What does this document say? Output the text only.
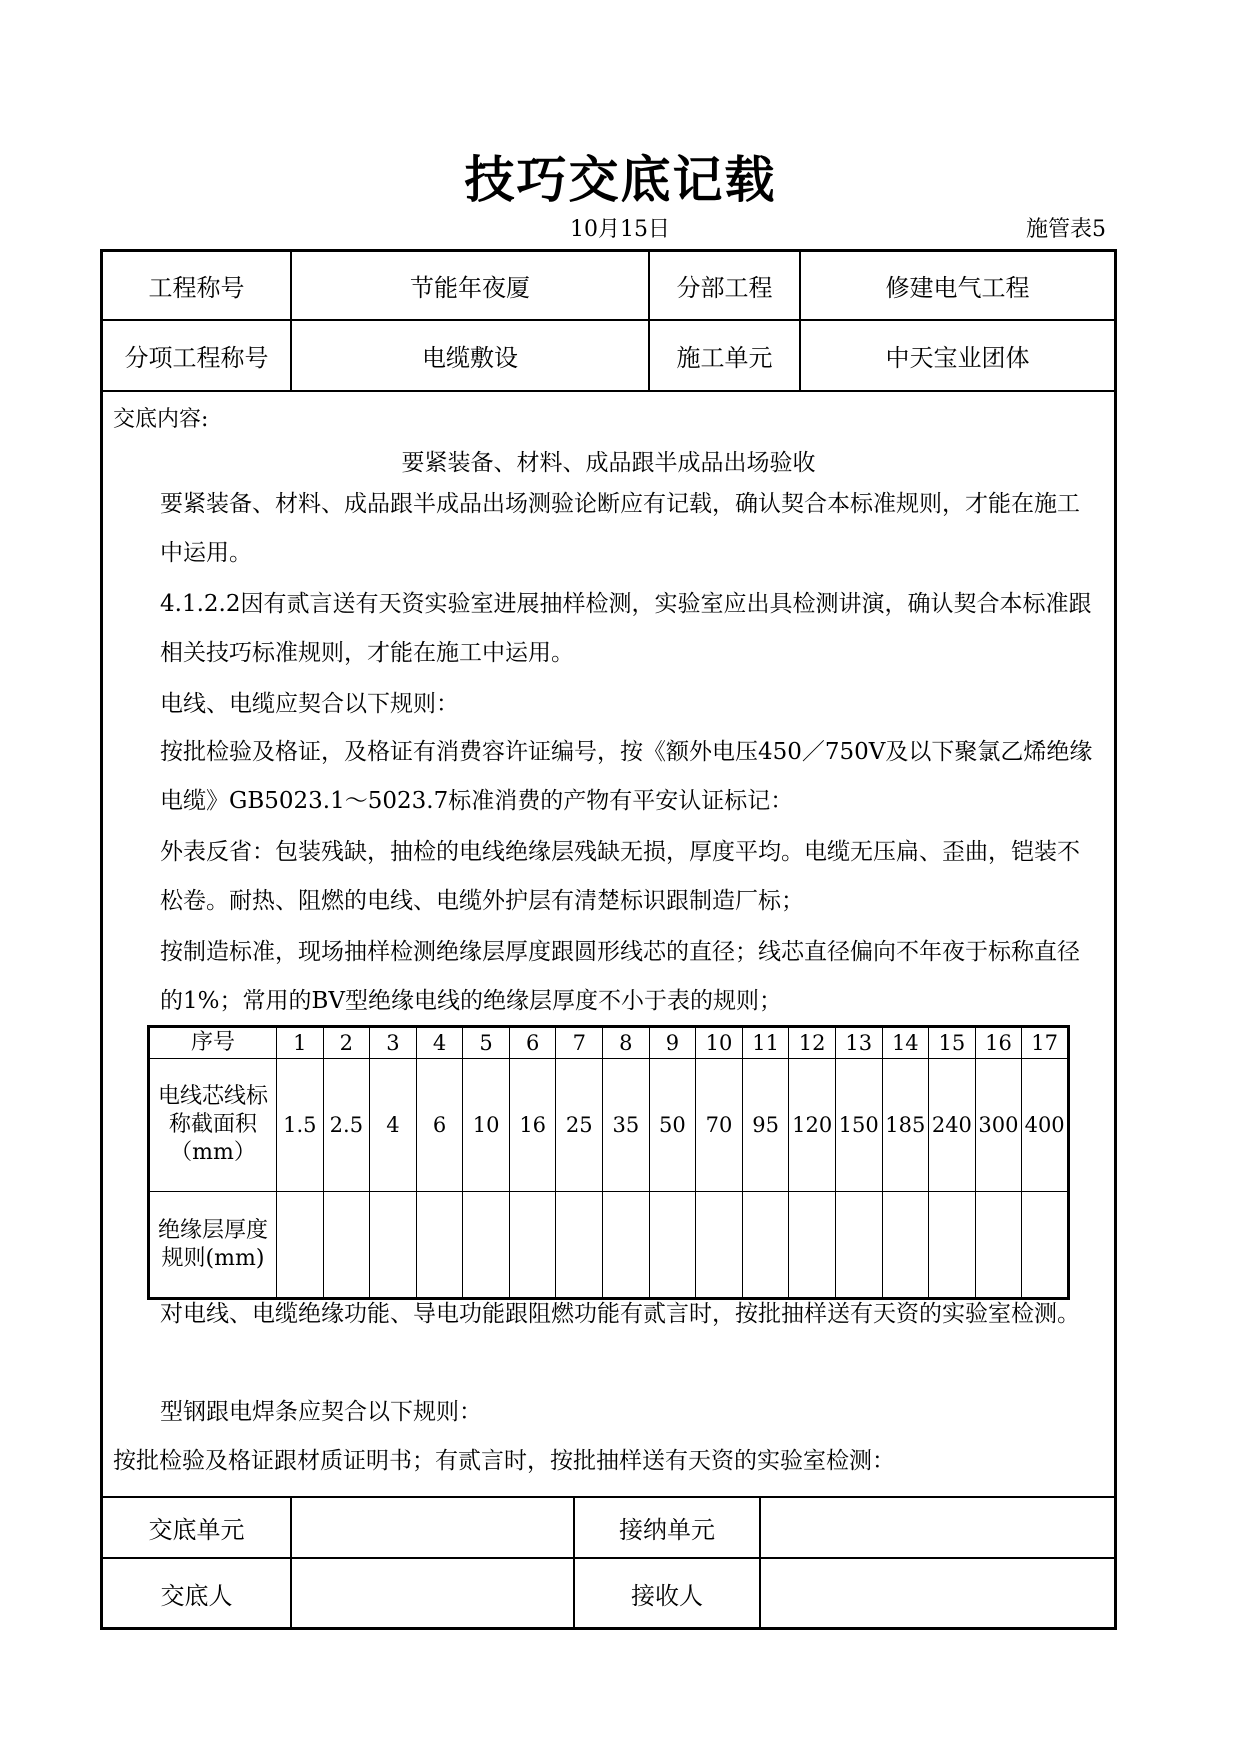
技巧交底记载
10月15日	施管表5
工程称号	节能年夜厦	分部工程	修建电气工程
分项工程称号	电缆敷设	施工单元	中天宝业团体
交底单元	接纳单元
交底人	接收人
交底内容:
要紧装备、材料、成品跟半成品出场验收
要紧装备、材料、成品跟半成品出场测验论断应有记载，确认契合本标准规则，才能在施工中运用。
4.1.2.2因有贰言送有天资实验室进展抽样检测，实验室应出具检测讲演，确认契合本标准跟相关技巧标准规则，才能在施工中运用。
电线、电缆应契合以下规则：
按批检验及格证，及格证有消费容许证编号，按《额外电压450／750V及以下聚氯乙烯绝缘电缆》GB5023.1～5023.7标准消费的产物有平安认证标记：
外表反省：包装残缺，抽检的电线绝缘层残缺无损，厚度平均。电缆无压扁、歪曲，铠装不松卷。耐热、阻燃的电线、电缆外护层有清楚标识跟制造厂标；
按制造标准，现场抽样检测绝缘层厚度跟圆形线芯的直径；线芯直径偏向不年夜于标称直径的1%；常用的BV型绝缘电线的绝缘层厚度不小于表的规则；
序号	1	2	3	4	5	6	7	8	9	10	11	12	13	14	15	16	17
电线芯线标称截面积（mm）	1.5	2.5	4	6	10	16	25	35	50	70	95	120	150	185	240	300	400
绝缘层厚度规则(mm)																	
对电线、电缆绝缘功能、导电功能跟阻燃功能有贰言时，按批抽样送有天资的实验室检测。
型钢跟电焊条应契合以下规则：
按批检验及格证跟材质证明书；有贰言时，按批抽样送有天资的实验室检测：
